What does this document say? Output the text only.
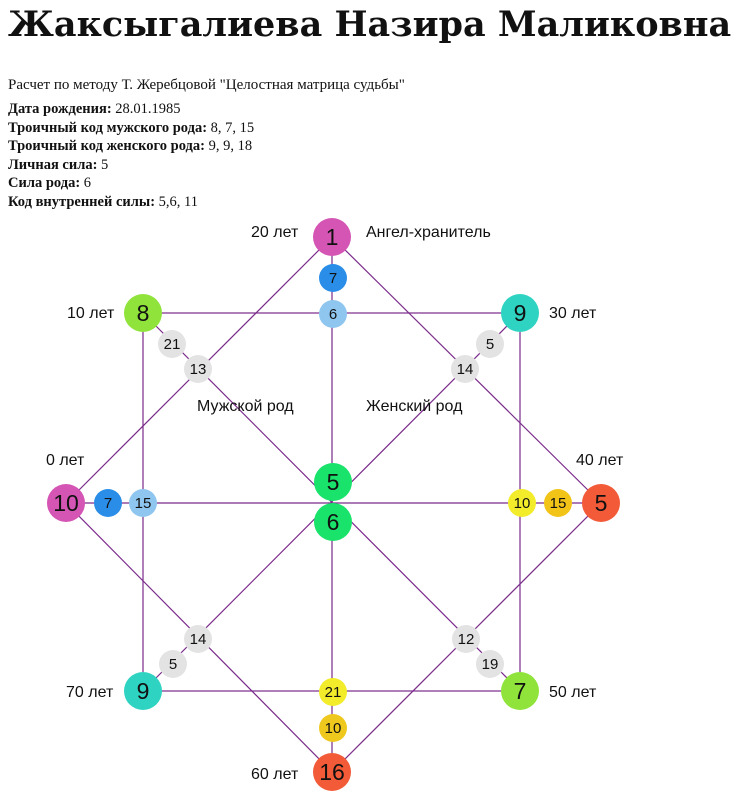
Жаксыгалиева Назира Маликовна
Расчет по методу Т. Жеребцовой "Целостная матрица судьбы"
Дата рождения: 28.01.1985
Троичный код мужского рода: 8, 7, 15
Троичный код женского рода: 9, 9, 18
Личная сила: 5
Сила рода: 6
Код внутренней силы: 5,6, 11
Ангел-хранитель
Мужской род	Женский род
0 лет
10 лет
20 лет
30 лет
40 лет
50 лет
60 лет
70 лет
7
6
21
13
5
14
7 15	15
10
5
14
19
12
21
10
1
8	9
10	5
5
6
9	7
16
